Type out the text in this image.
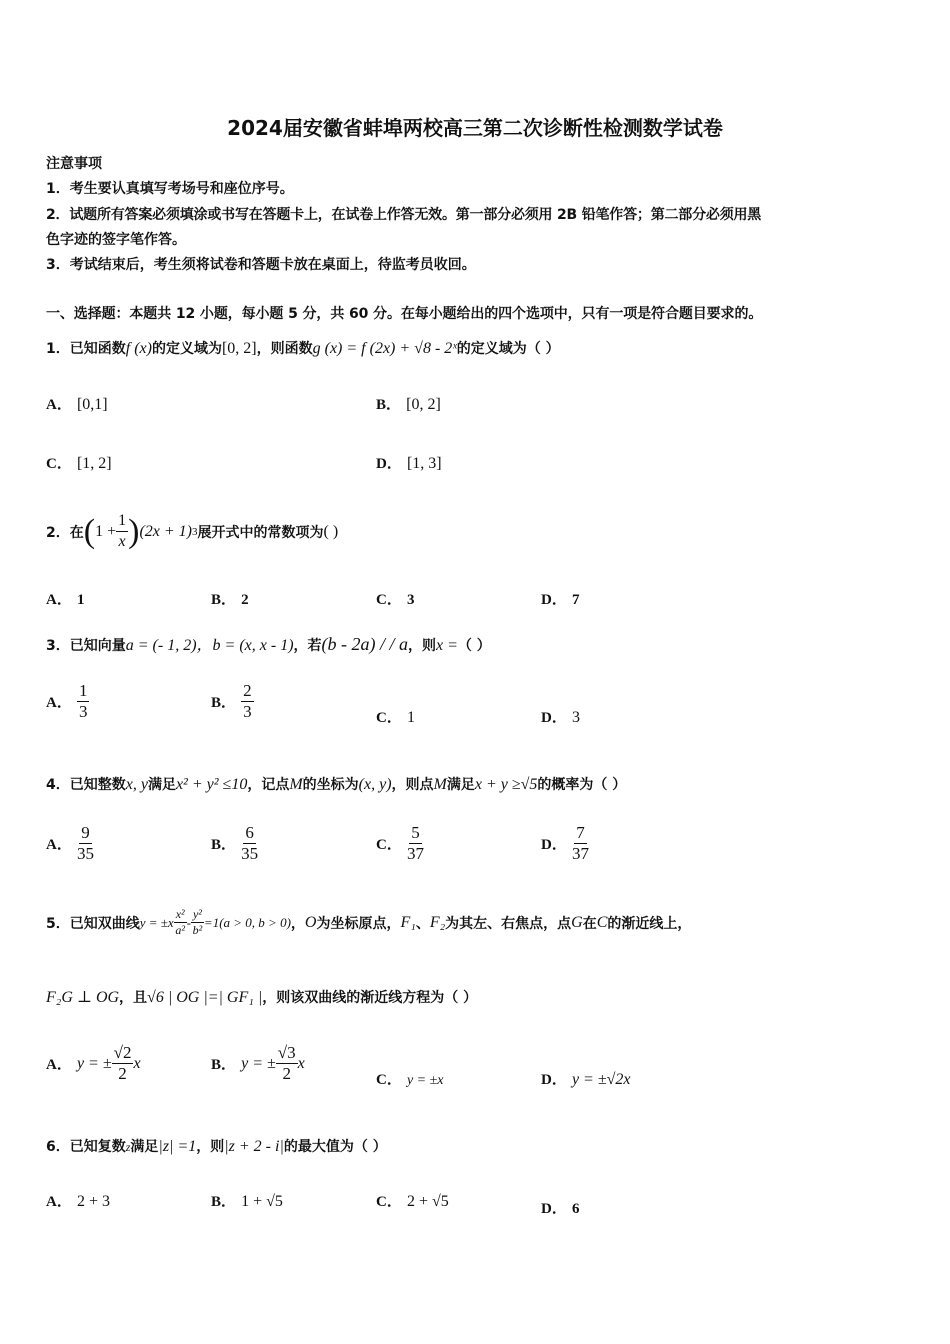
2024届安徽省蚌埠两校高三第二次诊断性检测数学试卷
注意事项
1．考生要认真填写考场号和座位序号。
2．试题所有答案必须填涂或书写在答题卡上，在试卷上作答无效。第一部分必须用 2B 铅笔作答；第二部分必须用黑
色字迹的签字笔作答。
3．考试结束后，考生须将试卷和答题卡放在桌面上，待监考员收回。
一、选择题：本题共 12 小题，每小题 5 分，共 60 分。在每小题给出的四个选项中，只有一项是符合题目要求的。
1．已知函数f (x)的定义域为[0, 2]，则函数g (x) = f (2x) + √8 - 2ˣ的定义域为（ ）
A． [0,1]	B． [0, 2]
C． [1, 2]	D． [1, 3]
2．在 ( $1 + \frac{1}{x}$ ) (2x + 1) 3 展开式中的常数项为 ( )
A． 1	B． 2	C． 3	D． 7
3．已知向量a = (- 1, 2)，b = (x, x - 1)，若(b - 2a) / / a，则x =（ ）
A．
$\frac{1}{3}$	B．
$\frac{2}{3}$	C． 1	D． 3
4．已知整数x, y满足x² + y² ≤10，记点M的坐标为(x, y)，则点M满足x + y ≥√5的概率为（ ）
A．
$\frac{9}{35}$	B．
$\frac{6}{35}$	C．
$\frac{5}{37}$	D．
$\frac{7}{37}$
5．已知双曲线 $y = \pm x \frac{\text{x²}}{\text{a²}} - \frac{\text{y²}}{\text{b²}} =1(a > 0$, b > 0) ， O 为坐标原点， F₁ 、 F₂ 为其左、右焦点，点 G 在 C 的渐近线上，
F₂G ⊥ OG，且√6 | OG |=| GF₁ |，则该双曲线的渐近线方程为（ ）
A．
y = ± $\frac{√2}{2}$ x	B．
y = ± $\frac{√3}{2}$ x
C． y = ±x	D． y = ±√2x
6．已知复数z满足|z| =1，则|z + 2 - i|的最大值为（ ）
A． 2 + 3	B． 1 + √5	C． 2 + √5	D． 6
